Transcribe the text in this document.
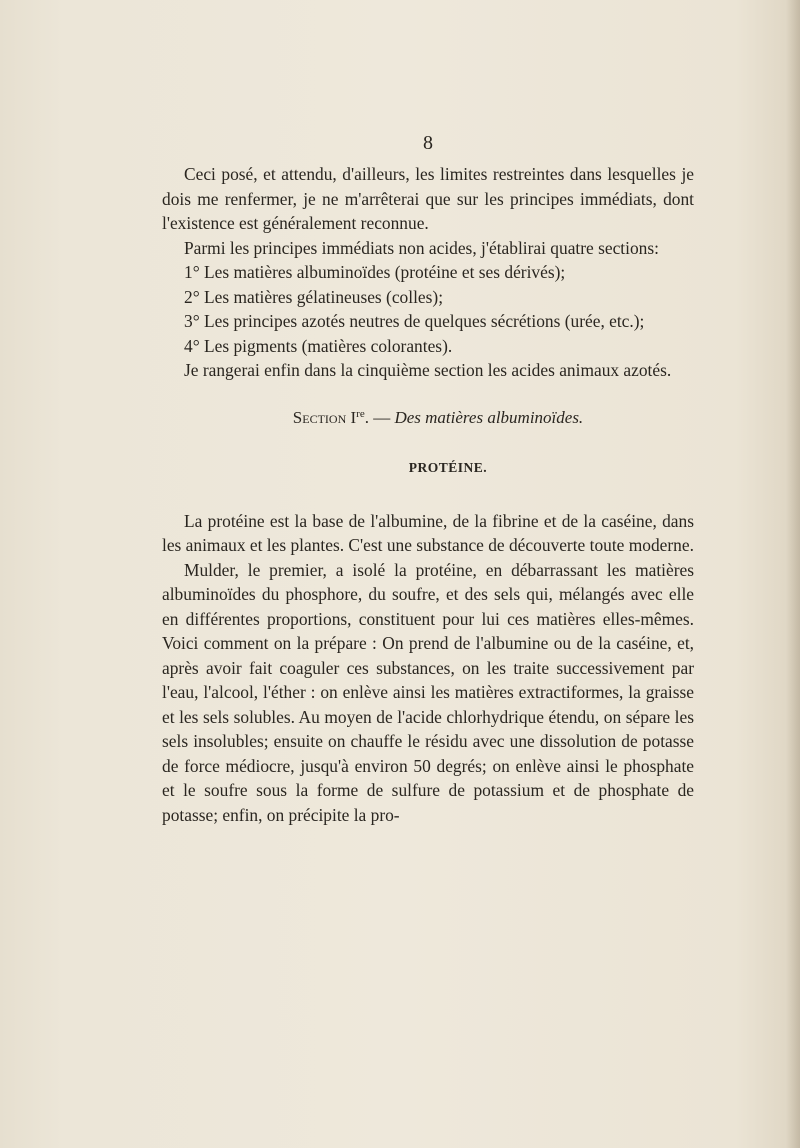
8

Ceci posé, et attendu, d'ailleurs, les limites restreintes dans lesquelles je dois me renfermer, je ne m'arrêterai que sur les principes immédiats, dont l'existence est généralement reconnue.

Parmi les principes immédiats non acides, j'établirai quatre sections:

1° Les matières albuminoïdes (protéine et ses dérivés);

2° Les matières gélatineuses (colles);

3° Les principes azotés neutres de quelques sécrétions (urée, etc.);

4° Les pigments (matières colorantes).

Je rangerai enfin dans la cinquième section les acides animaux azotés.

Section Ire. — Des matières albuminoïdes.
PROTÉINE.

La protéine est la base de l'albumine, de la fibrine et de la caséine, dans les animaux et les plantes. C'est une substance de découverte toute moderne.

Mulder, le premier, a isolé la protéine, en débarrassant les matières albuminoïdes du phosphore, du soufre, et des sels qui, mélangés avec elle en différentes proportions, constituent pour lui ces matières elles-mêmes. Voici comment on la prépare : On prend de l'albumine ou de la caséine, et, après avoir fait coaguler ces substances, on les traite successivement par l'eau, l'alcool, l'éther : on enlève ainsi les matières extractiformes, la graisse et les sels solubles. Au moyen de l'acide chlorhydrique étendu, on sépare les sels insolubles; ensuite on chauffe le résidu avec une dissolution de potasse de force médiocre, jusqu'à environ 50 degrés; on enlève ainsi le phosphate et le soufre sous la forme de sulfure de potassium et de phosphate de potasse; enfin, on précipite la pro-
